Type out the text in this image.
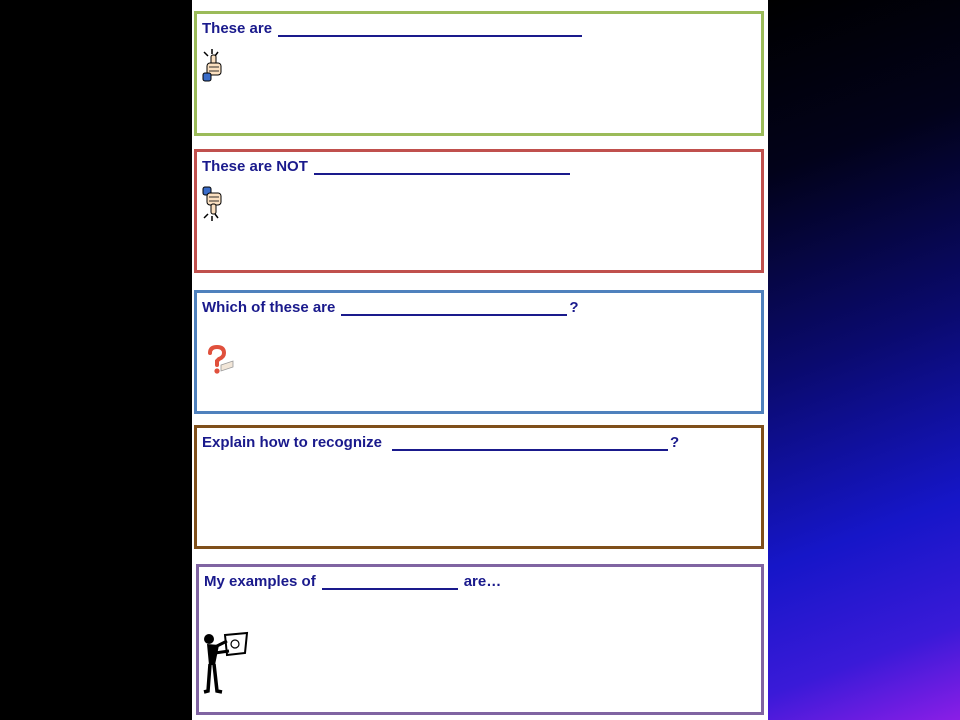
These are
These are NOT
Which of these are	?
Explain how to recognize	?
My examples of	are…
